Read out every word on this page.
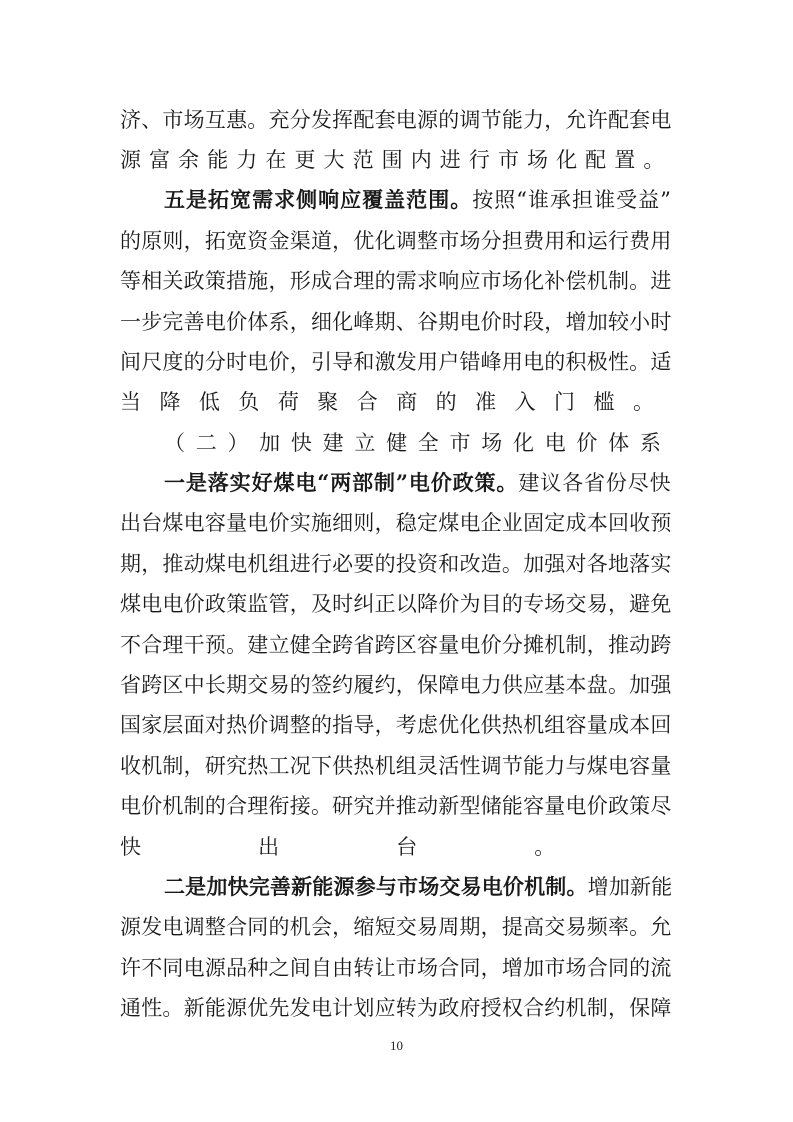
济、市场互惠。充分发挥配套电源的调节能力，允许配套电
源富余能力在更大范围内进行市场化配置。
五是拓宽需求侧响应覆盖范围。按照“谁承担谁受益”
的原则，拓宽资金渠道，优化调整市场分担费用和运行费用
等相关政策措施，形成合理的需求响应市场化补偿机制。进
一步完善电价体系，细化峰期、谷期电价时段，增加较小时
间尺度的分时电价，引导和激发用户错峰用电的积极性。适
当降低负荷聚合商的准入门槛。
（二）加快建立健全市场化电价体系
一是落实好煤电“两部制”电价政策。建议各省份尽快
出台煤电容量电价实施细则，稳定煤电企业固定成本回收预
期，推动煤电机组进行必要的投资和改造。加强对各地落实
煤电电价政策监管，及时纠正以降价为目的专场交易，避免
不合理干预。建立健全跨省跨区容量电价分摊机制，推动跨
省跨区中长期交易的签约履约，保障电力供应基本盘。加强
国家层面对热价调整的指导，考虑优化供热机组容量成本回
收机制，研究热工况下供热机组灵活性调节能力与煤电容量
电价机制的合理衔接。研究并推动新型储能容量电价政策尽
快出台。
二是加快完善新能源参与市场交易电价机制。增加新能
源发电调整合同的机会，缩短交易周期，提高交易频率。允
许不同电源品种之间自由转让市场合同，增加市场合同的流
通性。新能源优先发电计划应转为政府授权合约机制，保障
10
